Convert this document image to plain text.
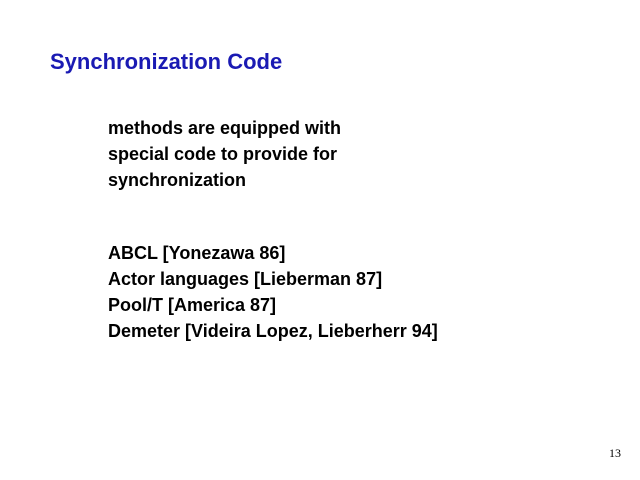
Synchronization Code
methods are equipped with
special code to provide for
synchronization
ABCL [Yonezawa 86]
Actor languages [Lieberman 87]
Pool/T [America 87]
Demeter [Videira Lopez, Lieberherr 94]
13
